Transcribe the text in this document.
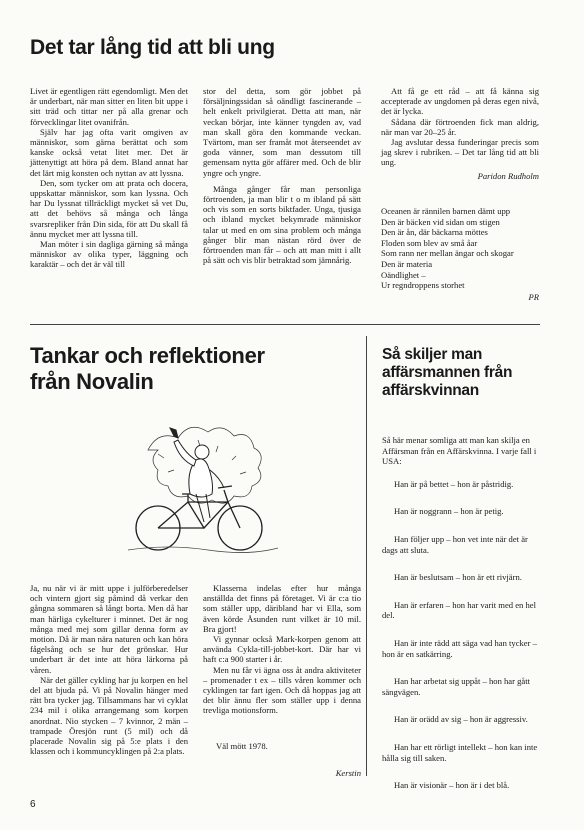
Det tar lång tid att bli ung

Livet är egentligen rätt egendomligt. Men det är underbart, när man sitter en liten bit uppe i sitt träd och tittar ner på alla grenar och förvecklingar litet ovanifrån.

Själv har jag ofta varit omgiven av människor, som gärna berättat och som kanske också vetat litet mer. Det är jättenyttigt att höra på dem. Bland annat har det lärt mig konsten och nyttan av att lyssna.

Den, som tycker om att prata och docera, uppskattar människor, som kan lyssna. Och har Du lyssnat tillräckligt mycket så vet Du, att det behövs så många och långa svarsrepliker från Din sida, för att Du skall få ännu mycket mer att lyssna till.

Man möter i sin dagliga gärning så många människor av olika typer, läggning och karaktär – och det är väl till

stor del detta, som gör jobbet på försäljningssidan så oändligt fascinerande – helt enkelt privilgierat. Detta att man, när veckan börjar, inte känner tyngden av, vad man skall göra den kommande veckan. Tvärtom, man ser framåt mot återseendet av goda vänner, som man dessutom till gemensam nytta gör affärer med. Och de blir yngre och yngre.

Många gånger får man personliga förtroenden, ja man blir t o m ibland på sätt och vis som en sorts biktfader. Unga, tjusiga och ibland mycket bekymrade människor talar ut med en om sina problem och många gånger blir man nästan rörd över de förtroenden man får – och att man mitt i allt på sätt och vis blir betraktad som jämnårig.

Att få ge ett råd – att få känna sig accepterade av ungdomen på deras egen nivå, det är lycka.

Sådana där förtroenden fick man aldrig, när man var 20–25 år.

Jag avslutar dessa funderingar precis som jag skrev i rubriken. – Det tar lång tid att bli ung.

Paridon Rudholm
Oceanen är rännilen barnen dämt upp
Den är bäcken vid sidan om stigen
Den är ån, där bäckarna möttes
Floden som blev av små åar
Som rann ner mellan ängar och skogar
Den är materia
Oändlighet –
Ur regndroppens storhet
PR
Tankar och reflektioner
från Novalin

Ja, nu när vi är mitt uppe i julförberedelser och vintern gjort sig påmind då verkar den gångna sommaren så långt borta. Men då har man härliga cykelturer i minnet. Det är nog många med mej som gillar denna form av motion. Då är man nära naturen och kan höra fågelsång och se hur det grönskar. Hur underbart är det inte att höra lärkorna på våren.

När det gäller cykling har ju korpen en hel del att bjuda på. Vi på Novalin hänger med rätt bra tycker jag. Tillsammans har vi cyklat 234 mil i olika arrangemang som korpen anordnat. Nio stycken – 7 kvinnor, 2 män – trampade Öresjön runt (5 mil) och då placerade Novalin sig på 5:e plats i den klassen och i kommuncyklingen på 2:a plats.

Klasserna indelas efter hur många anställda det finns på företaget. Vi är c:a tio som ställer upp, däribland har vi Ella, som även körde Åsunden runt vilket är 10 mil. Bra gjort!

Vi gynnar också Mark-korpen genom att använda Cykla-till-jobbet-kort. Där har vi haft c:a 900 starter i år.

Men nu får vi ägna oss åt andra aktiviteter – promenader t ex – tills våren kommer och cyklingen tar fart igen. Och då hoppas jag att det blir ännu fler som ställer upp i denna trevliga motionsform.

Väl mött 1978.
Kerstin
Så skiljer man affärsmannen från affärskvinnan

Så här menar somliga att man kan skilja en Affärsman från en Affärskvinna. I varje fall i USA:

Han är på bettet – hon är påstridig.

Han är noggrann – hon är petig.

Han följer upp – hon vet inte när det är dags att sluta.

Han är beslutsam – hon är ett rivjärn.

Han är erfaren – hon har varit med en hel del.

Han är inte rädd att säga vad han tycker – hon är en satkärring.

Han har arbetat sig uppåt – hon har gått sängvägen.

Han är orädd av sig – hon är aggressiv.

Han har ett rörligt intellekt – hon kan inte hålla sig till saken.

Han är visionär – hon är i det blå.

6
